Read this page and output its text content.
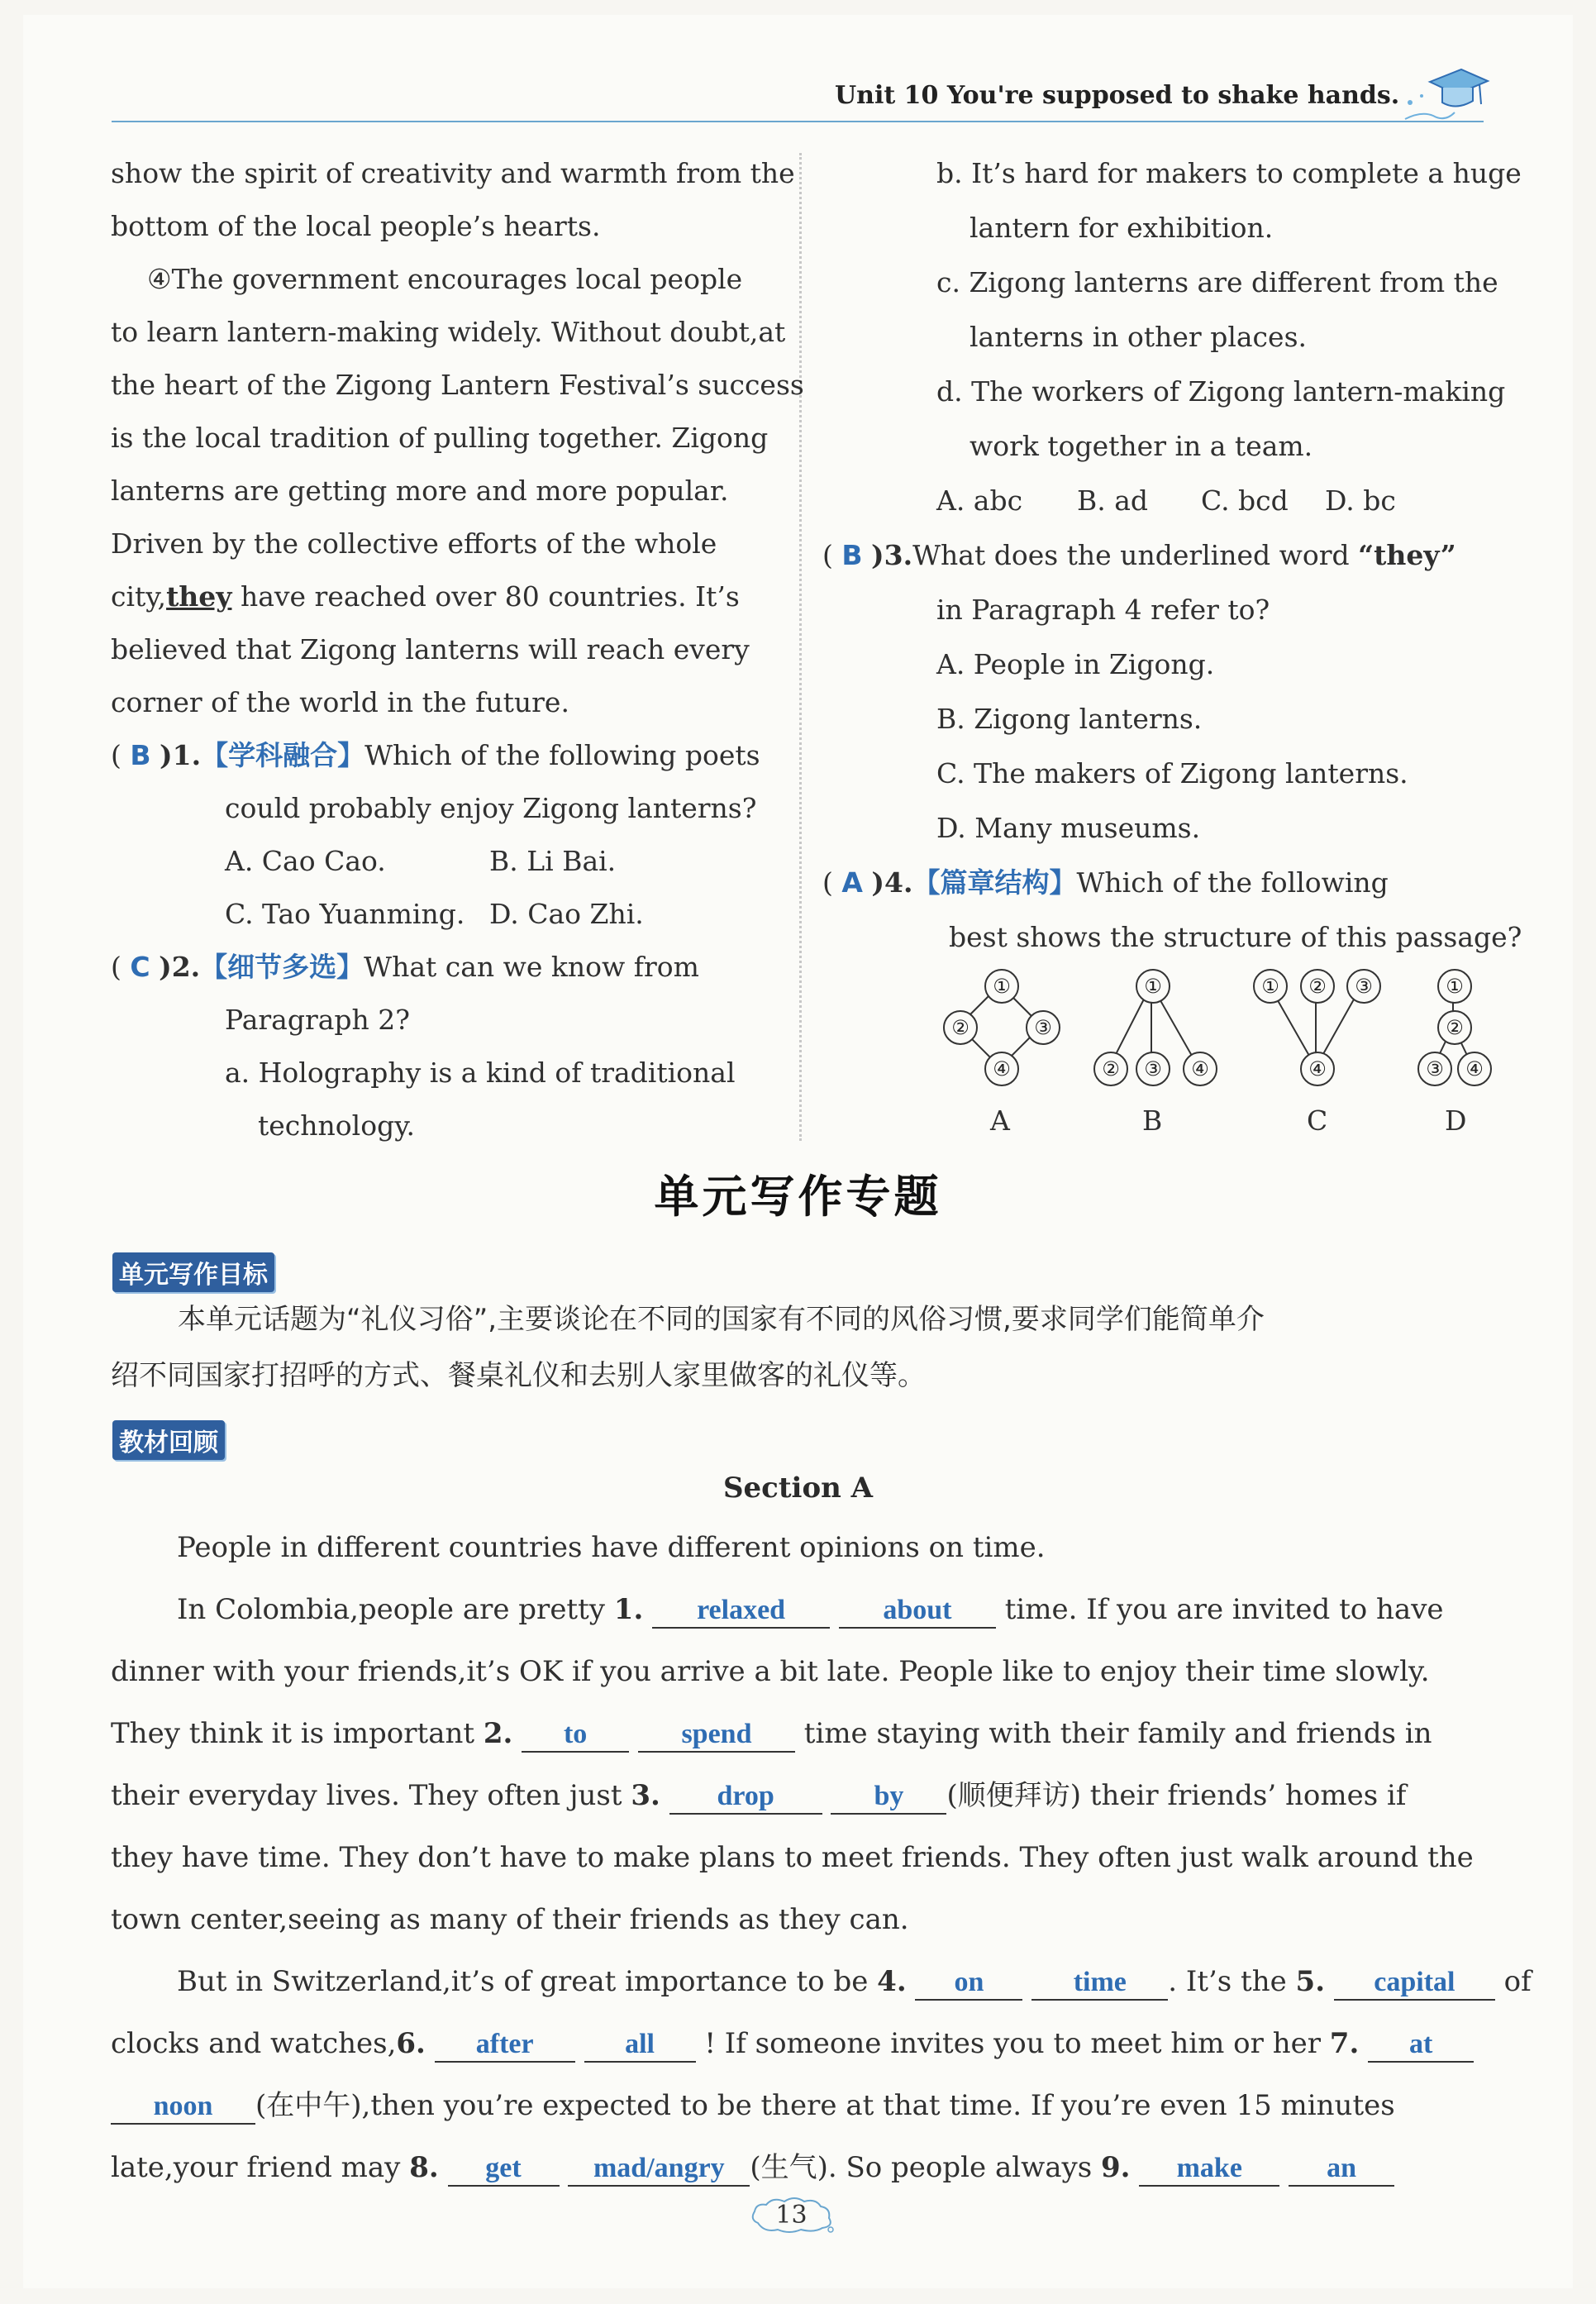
Unit 10 You're supposed to shake hands.
show the spirit of creativity and warmth from the
bottom of the local people’s hearts.
④The government encourages local people
to learn lantern-making widely. Without doubt,at
the heart of the Zigong Lantern Festival’s success
is the local tradition of pulling together. Zigong
lanterns are getting more and more popular.
Driven by the collective efforts of the whole
city,they have reached over 80 countries. It’s
believed that Zigong lanterns will reach every
corner of the world in the future.
( B )1.【学科融合】Which of the following poets
could probably enjoy Zigong lanterns?
A. Cao Cao.	B. Li Bai.
C. Tao Yuanming. D. Cao Zhi.
( C )2.【细节多选】What can we know from
Paragraph 2?
a. Holography is a kind of traditional
technology.
b. It’s hard for makers to complete a huge
lantern for exhibition.
c. Zigong lanterns are different from the
lanterns in other places.
d. The workers of Zigong lantern-making
work together in a team.
A. abc B. ad C. bcd D. bc
( B )3.What does the underlined word “they”
in Paragraph 4 refer to?
A. People in Zigong.
B. Zigong lanterns.
C. The makers of Zigong lanterns.
D. Many museums.
( A )4.【篇章结构】Which of the following
best shows the structure of this passage?
①
②	③
④
A
①
②	③	④
B
①	②	③
④
C
①
②
③	④
D
单元写作专题
单元写作目标
本单元话题为“礼仪习俗”,主要谈论在不同的国家有不同的风俗习惯,要求同学们能简单介
绍不同国家打招呼的方式、餐桌礼仪和去别人家里做客的礼仪等。
教材回顾
Section A
People in different countries have different opinions on time.
In Colombia,people are pretty 1. relaxed	about time. If you are invited to have
dinner with your friends,it’s OK if you arrive a bit late. People like to enjoy their time slowly.
They think it is important 2. to	spend time staying with their family and friends in
their everyday lives. They often just 3. drop	by (顺便拜访) their friends’ homes if
they have time. They don’t have to make plans to meet friends. They often just walk around the
town center,seeing as many of their friends as they can.
But in Switzerland,it’s of great importance to be 4. on	time . It’s the 5. capital of
clocks and watches,6. after	all ! If someone invites you to meet him or her 7. at
noon (在中午),then you’re expected to be there at that time. If you’re even 15 minutes
late,your friend may 8. get	mad/angry (生气). So people always 9. make	an
13
